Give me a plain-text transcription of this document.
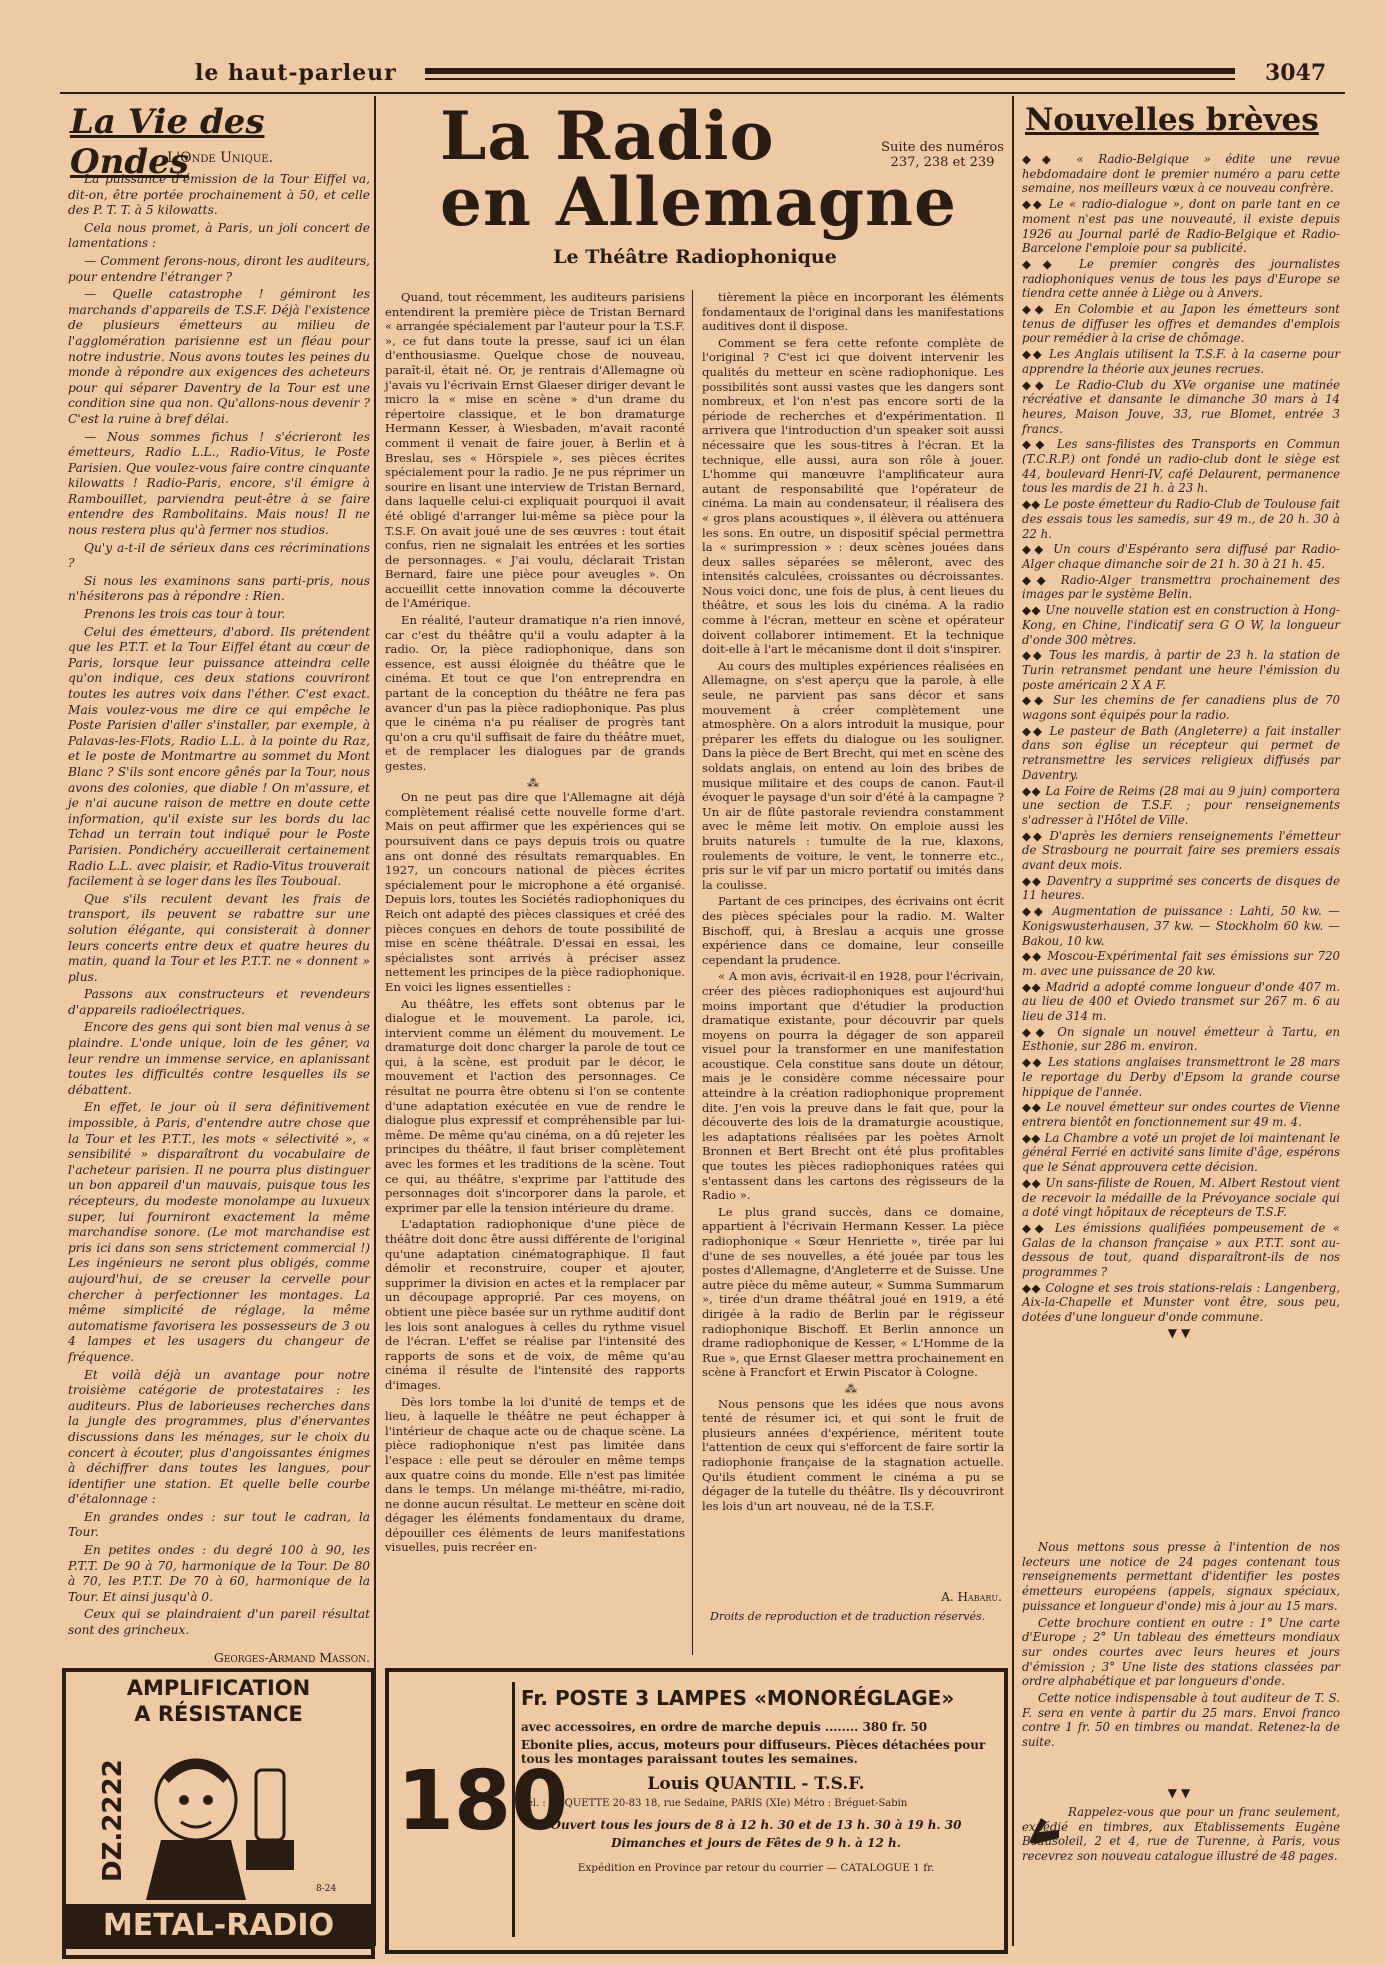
le haut-parleur	3047
La Vie des Ondes
L'Onde Unique.

La puissance d'émission de la Tour Eiffel va, dit-on, être portée prochainement à 50, et celle des P. T. T. à 5 kilowatts.

Cela nous promet, à Paris, un joli concert de lamentations :

— Comment ferons-nous, diront les auditeurs, pour entendre l'étranger ?

— Quelle catastrophe ! gémiront les marchands d'appareils de T.S.F. Déjà l'existence de plusieurs émetteurs au milieu de l'agglomération parisienne est un fléau pour notre industrie. Nous avons toutes les peines du monde à répondre aux exigences des acheteurs pour qui séparer Daventry de la Tour est une condition sine qua non. Qu'allons-nous devenir ? C'est la ruine à bref délai.

— Nous sommes fichus ! s'écrieront les émetteurs, Radio L.L., Radio-Vitus, le Poste Parisien. Que voulez-vous faire contre cinquante kilowatts ! Radio-Paris, encore, s'il émigre à Rambouillet, parviendra peut-être à se faire entendre des Rambolitains. Mais nous! Il ne nous restera plus qu'à fermer nos studios.

Qu'y a-t-il de sérieux dans ces récriminations ?

Si nous les examinons sans parti-pris, nous n'hésiterons pas à répondre : Rien.

Prenons les trois cas tour à tour.

Celui des émetteurs, d'abord. Ils prétendent que les P.T.T. et la Tour Eiffel étant au cœur de Paris, lorsque leur puissance atteindra celle qu'on indique, ces deux stations couvriront toutes les autres voix dans l'éther. C'est exact. Mais voulez-vous me dire ce qui empêche le Poste Parisien d'aller s'installer, par exemple, à Palavas-les-Flots, Radio L.L. à la pointe du Raz, et le poste de Montmartre au sommet du Mont Blanc ? S'ils sont encore gênés par la Tour, nous avons des colonies, que diable ! On m'assure, et je n'ai aucune raison de mettre en doute cette information, qu'il existe sur les bords du lac Tchad un terrain tout indiqué pour le Poste Parisien. Pondichéry accueillerait certainement Radio L.L. avec plaisir, et Radio-Vitus trouverait facilement à se loger dans les îles Touboual.

Que s'ils reculent devant les frais de transport, ils peuvent se rabattre sur une solution élégante, qui consisterait à donner leurs concerts entre deux et quatre heures du matin, quand la Tour et les P.T.T. ne « donnent » plus.

Passons aux constructeurs et revendeurs d'appareils radioélectriques.

Encore des gens qui sont bien mal venus à se plaindre. L'onde unique, loin de les gêner, va leur rendre un immense service, en aplanissant toutes les difficultés contre lesquelles ils se débattent.

En effet, le jour où il sera définitivement impossible, à Paris, d'entendre autre chose que la Tour et les P.T.T., les mots « sélectivité », « sensibilité » disparaîtront du vocabulaire de l'acheteur parisien. Il ne pourra plus distinguer un bon appareil d'un mauvais, puisque tous les récepteurs, du modeste monolampe au luxueux super, lui fourniront exactement la même marchandise sonore. (Le mot marchandise est pris ici dans son sens strictement commercial !) Les ingénieurs ne seront plus obligés, comme aujourd'hui, de se creuser la cervelle pour chercher à perfectionner les montages. La même simplicité de réglage, la même automatisme favorisera les possesseurs de 3 ou 4 lampes et les usagers du changeur de fréquence.

Et voilà déjà un avantage pour notre troisième catégorie de protestataires : les auditeurs. Plus de laborieuses recherches dans la jungle des programmes, plus d'énervantes discussions dans les ménages, sur le choix du concert à écouter, plus d'angoissantes énigmes à déchiffrer dans toutes les langues, pour identifier une station. Et quelle belle courbe d'étalonnage :

En grandes ondes : sur tout le cadran, la Tour.

En petites ondes : du degré 100 à 90, les P.T.T. De 90 à 70, harmonique de la Tour. De 80 à 70, les P.T.T. De 70 à 60, harmonique de la Tour. Et ainsi jusqu'à 0.

Ceux qui se plaindraient d'un pareil résultat sont des grincheux.

Georges-Armand Masson.
AMPLIFICATION
A RÉSISTANCE
DZ.2222
8-24
METAL-RADIO
La Radio
en Allemagne
Suite des numéros
237, 238 et 239
Le Théâtre Radiophonique

Quand, tout récemment, les auditeurs parisiens entendirent la première pièce de Tristan Bernard « arrangée spécialement par l'auteur pour la T.S.F. », ce fut dans toute la presse, sauf ici un élan d'enthousiasme. Quelque chose de nouveau, paraît-il, était né. Or, je rentrais d'Allemagne où j'avais vu l'écrivain Ernst Glaeser diriger devant le micro la « mise en scène » d'un drame du répertoire classique, et le bon dramaturge Hermann Kesser, à Wiesbaden, m'avait raconté comment il venait de faire jouer, à Berlin et à Breslau, ses « Hörspiele », ses pièces écrites spécialement pour la radio. Je ne pus réprimer un sourire en lisant une interview de Tristan Bernard, dans laquelle celui-ci expliquait pourquoi il avait été obligé d'arranger lui-même sa pièce pour la T.S.F. On avait joué une de ses œuvres : tout était confus, rien ne signalait les entrées et les sorties de personnages. « J'ai voulu, déclarait Tristan Bernard, faire une pièce pour aveugles ». On accueillit cette innovation comme la découverte de l'Amérique.

En réalité, l'auteur dramatique n'a rien innové, car c'est du théâtre qu'il a voulu adapter à la radio. Or, la pièce radiophonique, dans son essence, est aussi éloignée du théâtre que le cinéma. Et tout ce que l'on entreprendra en partant de la conception du théâtre ne fera pas avancer d'un pas la pièce radiophonique. Pas plus que le cinéma n'a pu réaliser de progrès tant qu'on a cru qu'il suffisait de faire du théâtre muet, et de remplacer les dialogues par de grands gestes.

⁂

On ne peut pas dire que l'Allemagne ait déjà complètement réalisé cette nouvelle forme d'art. Mais on peut affirmer que les expériences qui se poursuivent dans ce pays depuis trois ou quatre ans ont donné des résultats remarquables. En 1927, un concours national de pièces écrites spécialement pour le microphone a été organisé. Depuis lors, toutes les Sociétés radiophoniques du Reich ont adapté des pièces classiques et créé des pièces conçues en dehors de toute possibilité de mise en scène théâtrale. D'essai en essai, les spécialistes sont arrivés à préciser assez nettement les principes de la pièce radiophonique. En voici les lignes essentielles :

Au théâtre, les effets sont obtenus par le dialogue et le mouvement. La parole, ici, intervient comme un élément du mouvement. Le dramaturge doit donc charger la parole de tout ce qui, à la scène, est produit par le décor, le mouvement et l'action des personnages. Ce résultat ne pourra être obtenu si l'on se contente d'une adaptation exécutée en vue de rendre le dialogue plus expressif et compréhensible par lui-même. De même qu'au cinéma, on a dû rejeter les principes du théâtre, il faut briser complètement avec les formes et les traditions de la scène. Tout ce qui, au théâtre, s'exprime par l'attitude des personnages doit s'incorporer dans la parole, et exprimer par elle la tension intérieure du drame.

L'adaptation radiophonique d'une pièce de théâtre doit donc être aussi différente de l'original qu'une adaptation cinématographique. Il faut démolir et reconstruire, couper et ajouter, supprimer la division en actes et la remplacer par un découpage approprié. Par ces moyens, on obtient une pièce basée sur un rythme auditif dont les lois sont analogues à celles du rythme visuel de l'écran. L'effet se réalise par l'intensité des rapports de sons et de voix, de même qu'au cinéma il résulte de l'intensité des rapports d'images.

Dès lors tombe la loi d'unité de temps et de lieu, à laquelle le théâtre ne peut échapper à l'intérieur de chaque acte ou de chaque scène. La pièce radiophonique n'est pas limitée dans l'espace : elle peut se dérouler en même temps aux quatre coins du monde. Elle n'est pas limitée dans le temps. Un mélange mi-théâtre, mi-radio, ne donne aucun résultat. Le metteur en scène doit dégager les éléments fondamentaux du drame, dépouiller ces éléments de leurs manifestations visuelles, puis recréer en-

tièrement la pièce en incorporant les éléments fondamentaux de l'original dans les manifestations auditives dont il dispose.

Comment se fera cette refonte complète de l'original ? C'est ici que doivent intervenir les qualités du metteur en scène radiophonique. Les possibilités sont aussi vastes que les dangers sont nombreux, et l'on n'est pas encore sorti de la période de recherches et d'expérimentation. Il arrivera que l'introduction d'un speaker soit aussi nécessaire que les sous-titres à l'écran. Et la technique, elle aussi, aura son rôle à jouer. L'homme qui manœuvre l'amplificateur aura autant de responsabilité que l'opérateur de cinéma. La main au condensateur, il réalisera des « gros plans acoustiques », il élèvera ou atténuera les sons. En outre, un dispositif spécial permettra la « surimpression » : deux scènes jouées dans deux salles séparées se mêleront, avec des intensités calculées, croissantes ou décroissantes. Nous voici donc, une fois de plus, à cent lieues du théâtre, et sous les lois du cinéma. A la radio comme à l'écran, metteur en scène et opérateur doivent collaborer intimement. Et la technique doit-elle à l'art le mécanisme dont il doit s'inspirer.

Au cours des multiples expériences réalisées en Allemagne, on s'est aperçu que la parole, à elle seule, ne parvient pas sans décor et sans mouvement à créer complètement une atmosphère. On a alors introduit la musique, pour préparer les effets du dialogue ou les souligner. Dans la pièce de Bert Brecht, qui met en scène des soldats anglais, on entend au loin des bribes de musique militaire et des coups de canon. Faut-il évoquer le paysage d'un soir d'été à la campagne ? Un air de flûte pastorale reviendra constamment avec le même leit motiv. On emploie aussi les bruits naturels : tumulte de la rue, klaxons, roulements de voiture, le vent, le tonnerre etc., pris sur le vif par un micro portatif ou imités dans la coulisse.

Partant de ces principes, des écrivains ont écrit des pièces spéciales pour la radio. M. Walter Bischoff, qui, à Breslau a acquis une grosse expérience dans ce domaine, leur conseille cependant la prudence.

« A mon avis, écrivait-il en 1928, pour l'écrivain, créer des pièces radiophoniques est aujourd'hui moins important que d'étudier la production dramatique existante, pour découvrir par quels moyens on pourra la dégager de son appareil visuel pour la transformer en une manifestation acoustique. Cela constitue sans doute un détour, mais je le considère comme nécessaire pour atteindre à la création radiophonique proprement dite. J'en vois la preuve dans le fait que, pour la découverte des lois de la dramaturgie acoustique, les adaptations réalisées par les poètes Arnolt Bronnen et Bert Brecht ont été plus profitables que toutes les pièces radiophoniques ratées qui s'entassent dans les cartons des régisseurs de la Radio ».

Le plus grand succès, dans ce domaine, appartient à l'écrivain Hermann Kesser. La pièce radiophonique « Sœur Henriette », tirée par lui d'une de ses nouvelles, a été jouée par tous les postes d'Allemagne, d'Angleterre et de Suisse. Une autre pièce du même auteur, « Summa Summarum », tirée d'un drame théâtral joué en 1919, a été dirigée à la radio de Berlin par le régisseur radiophonique Bischoff. Et Berlin annonce un drame radiophonique de Kesser, « L'Homme de la Rue », que Ernst Glaeser mettra prochainement en scène à Francfort et Erwin Piscator à Cologne.

⁂

Nous pensons que les idées que nous avons tenté de résumer ici, et qui sont le fruit de plusieurs années d'expérience, méritent toute l'attention de ceux qui s'efforcent de faire sortir la radiophonie française de la stagnation actuelle. Qu'ils étudient comment le cinéma a pu se dégager de la tutelle du théâtre. Ils y découvriront les lois d'un art nouveau, né de la T.S.F.

A. Habaru.
Droits de reproduction et de traduction réservés.
180
Fr. POSTE 3 LAMPES «MONORÉGLAGE»
avec accessoires, en ordre de marche depuis ........ 380 fr. 50
Ebonite plies, accus, moteurs pour diffuseurs. Pièces détachées pour tous les montages paraissant toutes les semaines.
Louis QUANTIL - T.S.F.
Tél. : ROQUETTE 20-83 18, rue Sedaine, PARIS (XIe) Métro : Bréguet-Sabin
Ouvert tous les jours de 8 à 12 h. 30 et de 13 h. 30 à 19 h. 30
Dimanches et jours de Fêtes de 9 h. à 12 h.
Expédition en Province par retour du courrier — CATALOGUE 1 fr.
Nouvelles brèves

◆◆ « Radio-Belgique » édite une revue hebdomadaire dont le premier numéro a paru cette semaine, nos meilleurs vœux à ce nouveau confrère.

◆◆ Le « radio-dialogue », dont on parle tant en ce moment n'est pas une nouveauté, il existe depuis 1926 au Journal parlé de Radio-Belgique et Radio-Barcelone l'emploie pour sa publicité.

◆◆ Le premier congrès des journalistes radiophoniques venus de tous les pays d'Europe se tiendra cette année à Liège ou à Anvers.

◆◆ En Colombie et au Japon les émetteurs sont tenus de diffuser les offres et demandes d'emplois pour remédier à la crise de chômage.

◆◆ Les Anglais utilisent la T.S.F. à la caserne pour apprendre la théorie aux jeunes recrues.

◆◆ Le Radio-Club du XVe organise une matinée récréative et dansante le dimanche 30 mars à 14 heures, Maison Jouve, 33, rue Blomet, entrée 3 francs.

◆◆ Les sans-filistes des Transports en Commun (T.C.R.P.) ont fondé un radio-club dont le siège est 44, boulevard Henri-IV, café Delaurent, permanence tous les mardis de 21 h. à 23 h.

◆◆ Le poste émetteur du Radio-Club de Toulouse fait des essais tous les samedis, sur 49 m., de 20 h. 30 à 22 h.

◆◆ Un cours d'Espéranto sera diffusé par Radio-Alger chaque dimanche soir de 21 h. 30 à 21 h. 45.

◆◆ Radio-Alger transmettra prochainement des images par le système Belin.

◆◆ Une nouvelle station est en construction à Hong-Kong, en Chine, l'indicatif sera G O W, la longueur d'onde 300 mètres.

◆◆ Tous les mardis, à partir de 23 h. la station de Turin retransmet pendant une heure l'émission du poste américain 2 X A F.

◆◆ Sur les chemins de fer canadiens plus de 70 wagons sont équipés pour la radio.

◆◆ Le pasteur de Bath (Angleterre) a fait installer dans son église un récepteur qui permet de retransmettre les services religieux diffusés par Daventry.

◆◆ La Foire de Reims (28 mai au 9 juin) comportera une section de T.S.F. ; pour renseignements s'adresser à l'Hôtel de Ville.

◆◆ D'après les derniers renseignements l'émetteur de Strasbourg ne pourrait faire ses premiers essais avant deux mois.

◆◆ Daventry a supprimé ses concerts de disques de 11 heures.

◆◆ Augmentation de puissance : Lahti, 50 kw. — Konigswusterhausen, 37 kw. — Stockholm 60 kw. — Bakou, 10 kw.

◆◆ Moscou-Expérimental fait ses émissions sur 720 m. avec une puissance de 20 kw.

◆◆ Madrid a adopté comme longueur d'onde 407 m. au lieu de 400 et Oviedo transmet sur 267 m. 6 au lieu de 314 m.

◆◆ On signale un nouvel émetteur à Tartu, en Esthonie, sur 286 m. environ.

◆◆ Les stations anglaises transmettront le 28 mars le reportage du Derby d'Epsom la grande course hippique de l'année.

◆◆ Le nouvel émetteur sur ondes courtes de Vienne entrera bientôt en fonctionnement sur 49 m. 4.

◆◆ La Chambre a voté un projet de loi maintenant le général Ferrié en activité sans limite d'âge, espérons que le Sénat approuvera cette décision.

◆◆ Un sans-filiste de Rouen, M. Albert Restout vient de recevoir la médaille de la Prévoyance sociale qui a doté vingt hôpitaux de récepteurs de T.S.F.

◆◆ Les émissions qualifiées pompeusement de « Galas de la chanson française » aux P.T.T. sont au-dessous de tout, quand disparaîtront-ils de nos programmes ?

◆◆ Cologne et ses trois stations-relais : Langenberg, Aix-la-Chapelle et Munster vont être, sous peu, dotées d'une longueur d'onde commune.

▼▼

Nous mettons sous presse à l'intention de nos lecteurs une notice de 24 pages contenant tous renseignements permettant d'identifier les postes émetteurs européens (appels, signaux spéciaux, puissance et longueur d'onde) mis à jour au 15 mars.

Cette brochure contient en outre : 1° Une carte d'Europe ; 2° Un tableau des émetteurs mondiaux sur ondes courtes avec leurs heures et jours d'émission ; 3° Une liste des stations classées par ordre alphabétique et par longueurs d'onde.

Cette notice indispensable à tout auditeur de T. S. F. sera en vente à partir du 25 mars. Envoi franco contre 1 fr. 50 en timbres ou mandat. Retenez-la de suite.

▼▼

Rappelez-vous que pour un franc seulement, expédié en timbres, aux Etablissements Eugène Beausoleil, 2 et 4, rue de Turenne, à Paris, vous recevrez son nouveau catalogue illustré de 48 pages.
